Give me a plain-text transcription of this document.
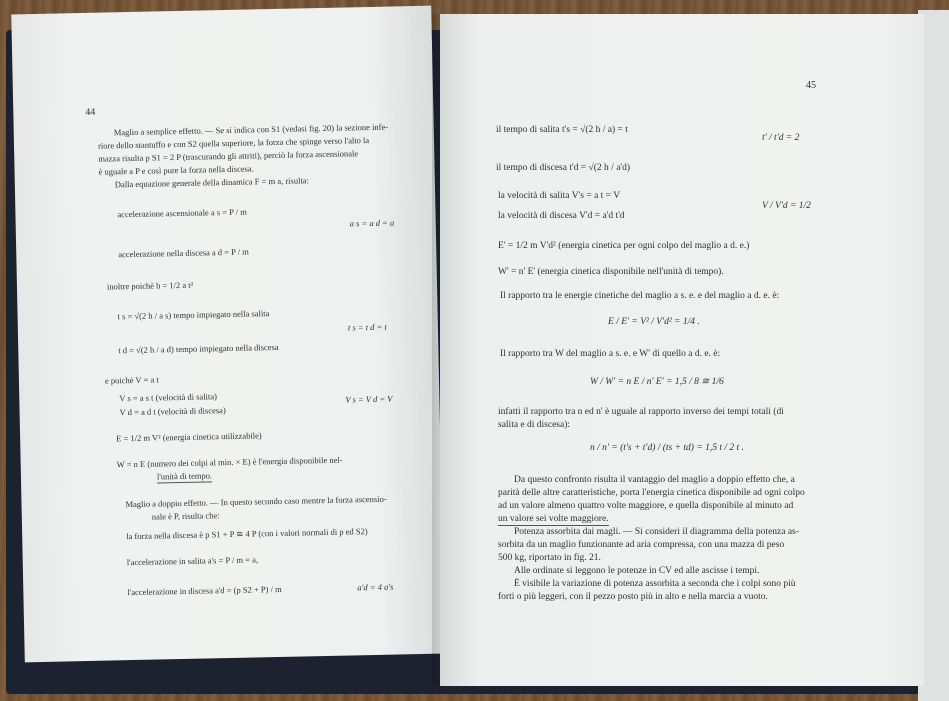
44
Maglio a semplice effetto. — Se si indica con S1 (vedasi fig. 20) la sezione infe-
riore dello stantuffo e con S2 quella superiore, la forza che spinge verso l'alto la
mazza risulta p S1 = 2 P (trascurando gli attriti), perciò la forza ascensionale
è uguale a P e così pure la forza nella discesa.
Dalla equazione generale della dinamica F = m a, risulta:
accelerazione ascensionale a s = P / m
a s = a d = a
accelerazione nella discesa a d = P / m
inoltre poichè h = 1/2 a t²
t s = √(2 h / a s) tempo impiegato nella salita
t s = t d = t
t d = √(2 h / a d) tempo impiegato nella discesa
e poichè V = a t
V s = a s t (velocità di salita)	V s = V d = V
V d = a d t (velocità di discesa)
E = 1/2 m V² (energia cinetica utilizzabile)
W = n E (numero dei colpi al min. × E) è l'energia disponibile nel-
l'unità di tempo.
Maglio a doppio effetto. — In questo secondo caso mentre la forza ascensio-
nale è P, risulta che:
la forza nella discesa è p S1 + P ≅ 4 P (con i valori normali di p ed S2)
l'accelerazione in salita a's = P / m = a,
l'accelerazione in discesa a'd = (p S2 + P) / m	a'd = 4 a's
45
il tempo di salita t's = √(2 h / a) = t
t' / t'd = 2
il tempo di discesa t'd = √(2 h / a'd)
la velocità di salita V's = a t = V
V / V'd = 1/2
la velocità di discesa V'd = a'd t'd
E' = 1/2 m V'd² (energia cinetica per ogni colpo del maglio a d. e.)
W' = n' E' (energia cinetica disponibile nell'unità di tempo).
Il rapporto tra le energie cinetiche del maglio a s. e. e del maglio a d. e. è:
E / E' = V² / V'd² = 1/4 .
Il rapporto tra W del maglio a s. e. e W' di quello a d. e. è:
W / W' = n E / n' E' = 1,5 / 8 ≅ 1/6
infatti il rapporto tra n ed n' è uguale al rapporto inverso dei tempi totali (di
salita e di discesa):
n / n' = (t's + t'd) / (ts + td) = 1,5 t / 2 t .
Da questo confronto risulta il vantaggio del maglio a doppio effetto che, a
parità delle altre caratteristiche, porta l'energia cinetica disponibile ad ogni colpo
ad un valore almeno quattro volte maggiore, e quella disponibile al minuto ad
un valore sei volte maggiore.
Potenza assorbita dai magli. — Si consideri il diagramma della potenza as-
sorbita da un maglio funzionante ad aria compressa, con una mazza di peso
500 kg, riportato in fig. 21.
Alle ordinate si leggono le potenze in CV ed alle ascisse i tempi.
È visibile la variazione di potenza assorbita a seconda che i colpi sono più
forti o più leggeri, con il pezzo posto più in alto e nella marcia a vuoto.
